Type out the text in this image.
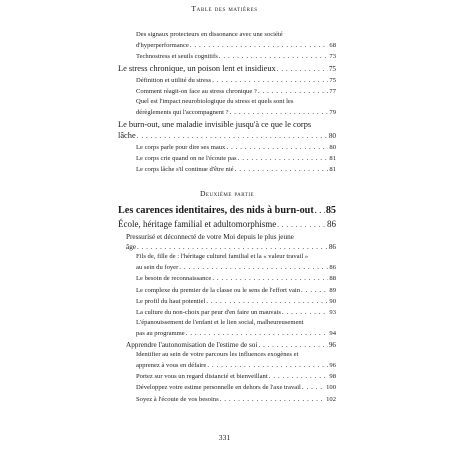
Table des matières
Des signaux protecteurs en dissonance avec une société
d'hyperperformance . . .	68
Technostress et seuils cognitifs . . .	73
Le stress chronique, un poison lent et insidieux . . .	75
Définition et utilité du stress . . .	75
Comment réagit-on face au stress chronique ? . . .	77
Quel est l'impact neurobiologique du stress et quels sont les
dérèglements qui l'accompagnent ? . . .	79
Le burn-out, une maladie invisible jusqu'à ce que le corps
lâche . . .	80
Le corps parle pour dire ses maux . . .	80
Le corps crie quand on ne l'écoute pas . . .	81
Le corps lâche s'il continue d'être nié . . .	81
Deuxième partie
Les carences identitaires, des nids à burn-out . . . 85
École, héritage familial et adultomorphisme . . .	86
Pressurisé et déconnecté de votre Moi depuis le plus jeune
âge . . .	86
Fils de, fille de : l'héritage culturel familial et la « valeur travail »
au sein du foyer . . .	86
Le besoin de reconnaissance . . .	88
Le complexe du premier de la classe ou le sens de l'effort vain . . .	89
Le profil du haut potentiel . . .	90
La culture du non-choix par peur d'en faire un mauvais . . .	93
L'épanouissement de l'enfant et le lien social, malheureusement
pas au programme . . .	94
Apprendre l'autonomisation de l'estime de soi . . .	96
Identifier au sein de votre parcours les influences exogènes et
apprenez à vous en défaire . . .	96
Portez sur vous un regard distancié et bienveillant . . .	98
Développez votre estime personnelle en dehors de l'axe travail . . .	100
Soyez à l'écoute de vos besoins . . .	102
331
